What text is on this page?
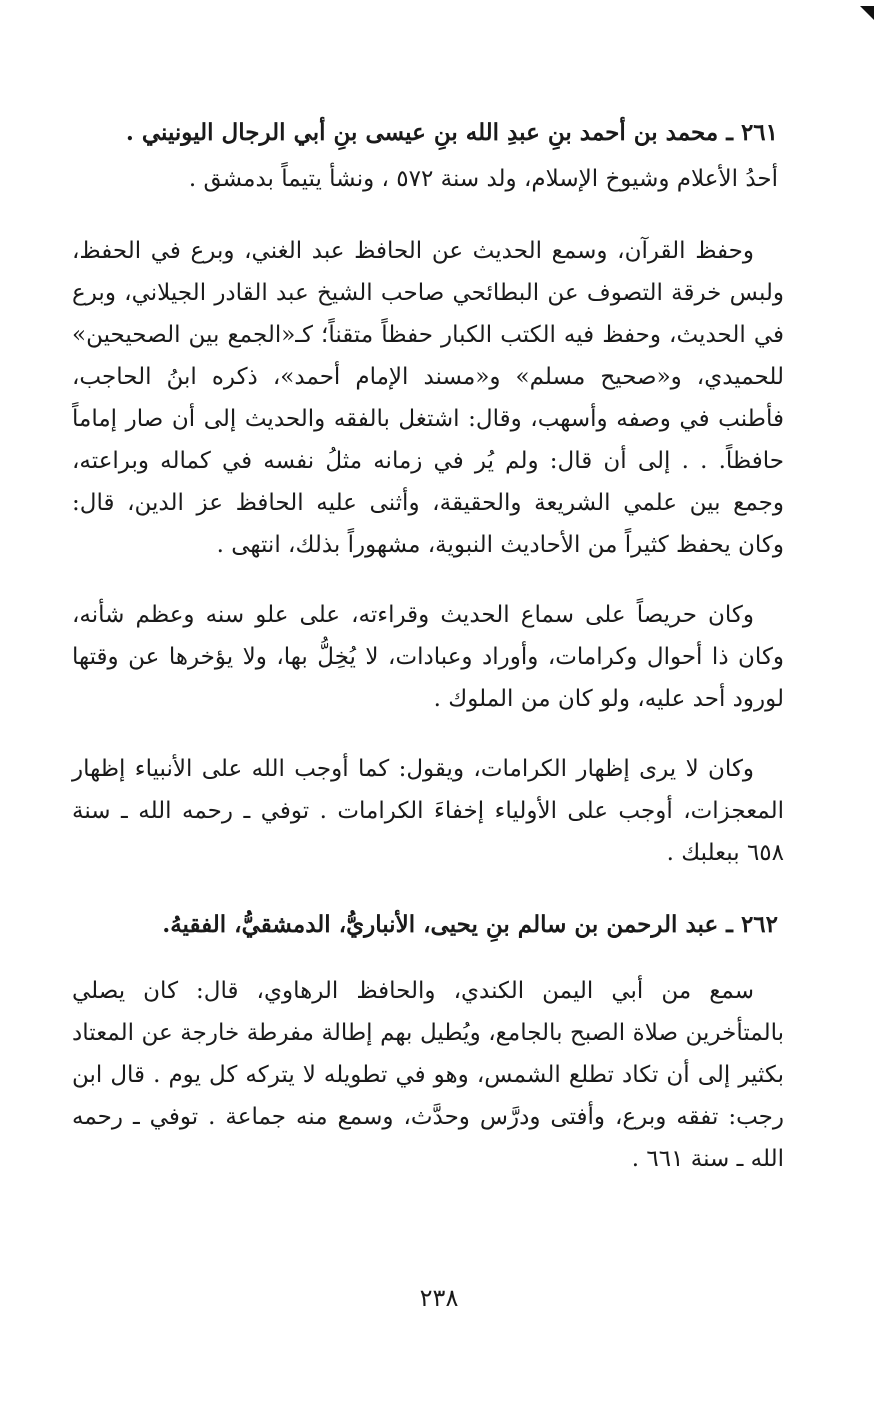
٢٦١ ـ محمد بن أحمد بنِ عبدِ الله بنِ عيسى بنِ أبي الرجال اليونيني .

أحدُ الأعلام وشيوخ الإسلام، ولد سنة ٥٧٢ ، ونشأ يتيماً بدمشق .

وحفظ القرآن، وسمع الحديث عن الحافظ عبد الغني، وبرع في الحفظ، ولبس خرقة التصوف عن البطائحي صاحب الشيخ عبد القادر الجيلاني، وبرع في الحديث، وحفظ فيه الكتب الكبار حفظاً متقناً؛ كـ«الجمع بين الصحيحين» للحميدي، و«صحيح مسلم» و«مسند الإمام أحمد»، ذكره ابنُ الحاجب، فأطنب في وصفه وأسهب، وقال: اشتغل بالفقه والحديث إلى أن صار إماماً حافظاً. . . إلى أن قال: ولم يُر في زمانه مثلُ نفسه في كماله وبراعته، وجمع بين علمي الشريعة والحقيقة، وأثنى عليه الحافظ عز الدين، قال: وكان يحفظ كثيراً من الأحاديث النبوية، مشهوراً بذلك، انتهى .

وكان حريصاً على سماع الحديث وقراءته، على علو سنه وعظم شأنه، وكان ذا أحوال وكرامات، وأوراد وعبادات، لا يُخِلُّ بها، ولا يؤخرها عن وقتها لورود أحد عليه، ولو كان من الملوك .

وكان لا يرى إظهار الكرامات، ويقول: كما أوجب الله على الأنبياء إظهار المعجزات، أوجب على الأولياء إخفاءَ الكرامات . توفي ـ رحمه الله ـ سنة ٦٥٨ ببعلبك .

٢٦٢ ـ عبد الرحمن بن سالم بنِ يحيى، الأنباريُّ، الدمشقيُّ، الفقيهُ.

سمع من أبي اليمن الكندي، والحافظ الرهاوي، قال: كان يصلي بالمتأخرين صلاة الصبح بالجامع، ويُطيل بهم إطالة مفرطة خارجة عن المعتاد بكثير إلى أن تكاد تطلع الشمس، وهو في تطويله لا يتركه كل يوم . قال ابن رجب: تفقه وبرع، وأفتى ودرَّس وحدَّث، وسمع منه جماعة . توفي ـ رحمه الله ـ سنة ٦٦١ .

٢٣٨
